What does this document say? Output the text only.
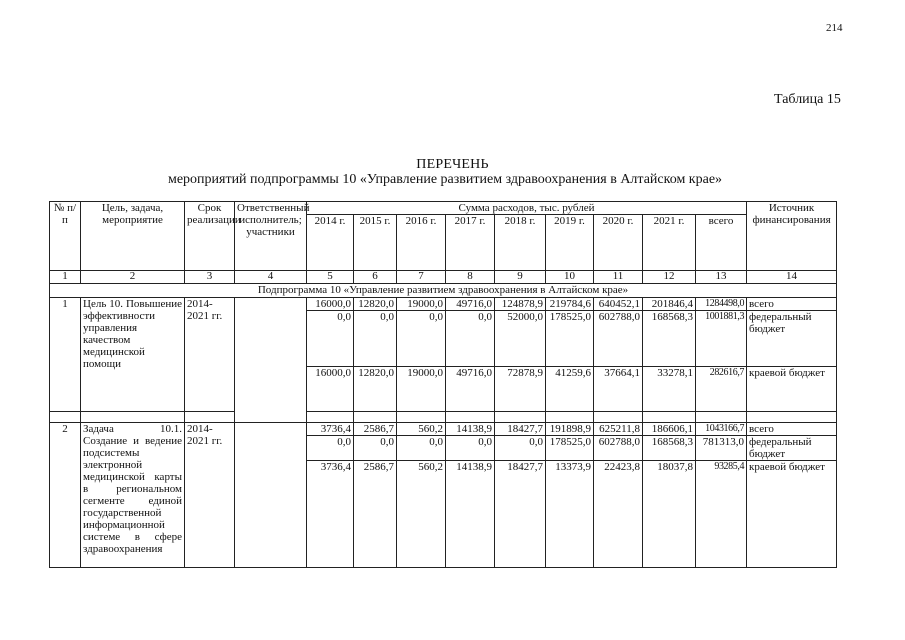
214
Таблица 15
ПЕРЕЧЕНЬ
мероприятий подпрограммы 10 «Управление развитием здравоохранения в Алтайском крае»
№ п/п	Цель, задача, мероприятие	Срок реализации	Ответственный исполнитель; участники	Сумма расходов, тыс. рублей									Источник финансирования
				2014 г.	2015 г.	2016 г.	2017 г.	2018 г.	2019 г.	2020 г.	2021 г.	всего	
1	2	3	4	5	6	7	8	9	10	11	12	13	14
Подпрограмма 10 «Управление развитием здравоохранения в Алтайском крае»													
1	Цель 10. Повышение эффективности управления качеством медицинской помощи	2014-2021 гг.		16000,0	12820,0	19000,0	49716,0	124878,9	219784,6	640452,1	201846,4	1284498,0	всего
				0,0	0,0	0,0	0,0	52000,0	178525,0	602788,0	168568,3	1001881,3	федеральный бюджет
				16000,0	12820,0	19000,0	49716,0	72878,9	41259,6	37664,1	33278,1	282616,7	краевой бюджет

2	Задача 10.1. Создание и ведение подсистемы электронной медицинской карты в региональном сегменте единой государственной информационной системе в сфере здравоохранения	2014-2021 гг.		3736,4	2586,7	560,2	14138,9	18427,7	191898,9	625211,8	186606,1	1043166,7	всего
				0,0	0,0	0,0	0,0	0,0	178525,0	602788,0	168568,3	781313,0	федеральный бюджет
				3736,4	2586,7	560,2	14138,9	18427,7	13373,9	22423,8	18037,8	93285,4	краевой бюджет
